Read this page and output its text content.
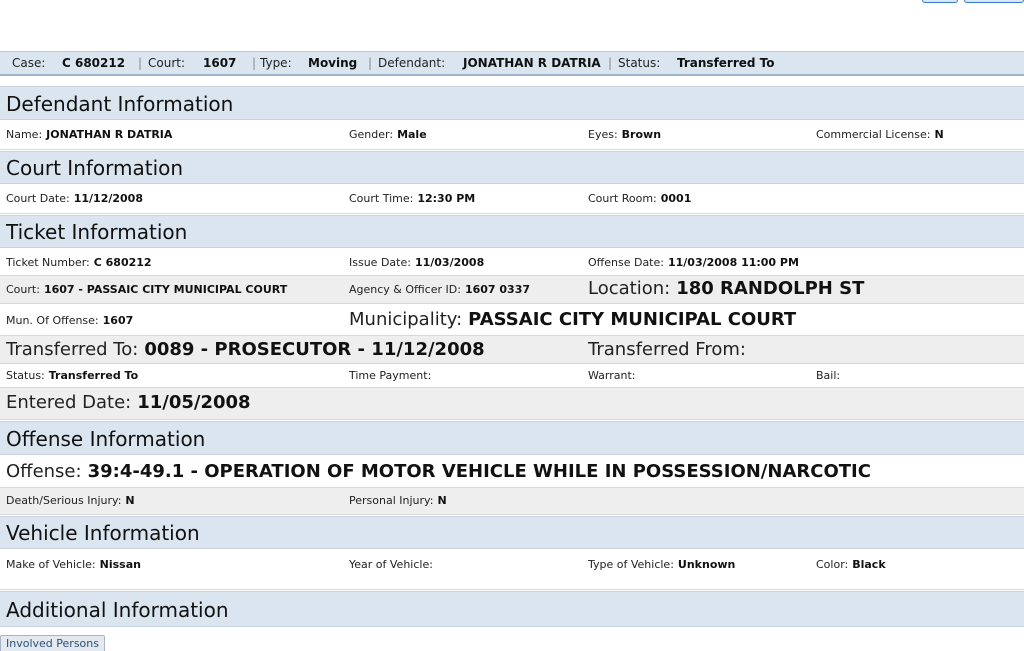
Case: C 680212 | Court: 1607 | Type: Moving | Defendant: JONATHAN R DATRIA | Status: Transferred To
Defendant Information
Name: JONATHAN R DATRIA	Gender: Male	Eyes: Brown	Commercial License: N
Court Information
Court Date: 11/12/2008	Court Time: 12:30 PM	Court Room: 0001
Ticket Information
Ticket Number: C 680212	Issue Date: 11/03/2008	Offense Date: 11/03/2008 11:00 PM
Court: 1607 - PASSAIC CITY MUNICIPAL COURT	Agency & Officer ID: 1607 0337	Location: 180 RANDOLPH ST
Mun. Of Offense: 1607	Municipality: PASSAIC CITY MUNICIPAL COURT
Transferred To: 0089 - PROSECUTOR - 11/12/2008	Transferred From:
Status: Transferred To	Time Payment:	Warrant:	Bail:
Entered Date: 11/05/2008
Offense Information
Offense: 39:4-49.1 - OPERATION OF MOTOR VEHICLE WHILE IN POSSESSION/NARCOTIC
Death/Serious Injury: N	Personal Injury: N
Vehicle Information
Make of Vehicle: Nissan	Year of Vehicle:	Type of Vehicle: Unknown	Color: Black
Additional Information
Involved Persons
